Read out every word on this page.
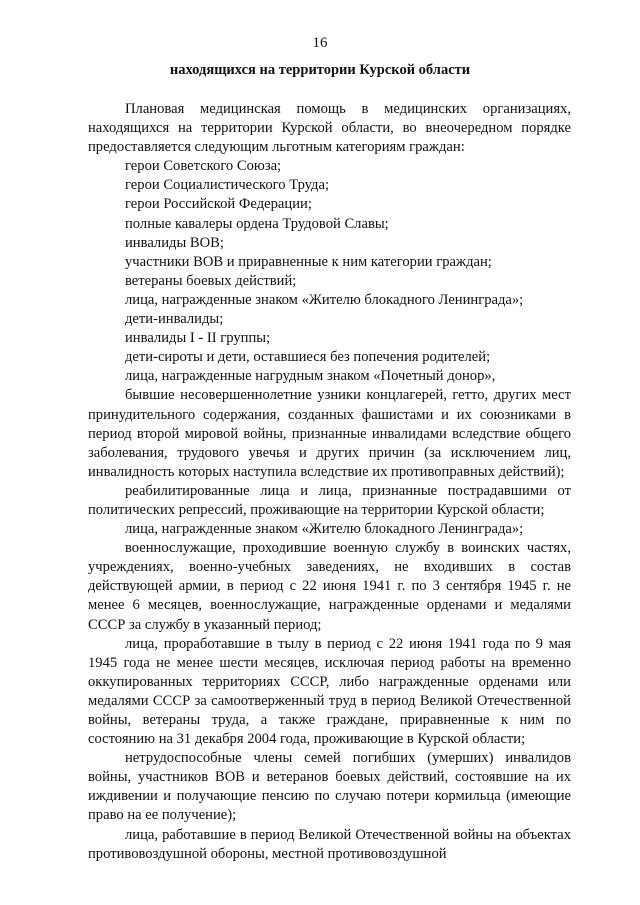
16
находящихся на территории Курской области

Плановая медицинская помощь в медицинских организациях, находящихся на территории Курской области, во внеочередном порядке предоставляется следующим льготным категориям граждан:

герои Советского Союза;

герои Социалистического Труда;

герои Российской Федерации;

полные кавалеры ордена Трудовой Славы;

инвалиды ВОВ;

участники ВОВ и приравненные к ним категории граждан;

ветераны боевых действий;

лица, награжденные знаком «Жителю блокадного Ленинграда»;

дети-инвалиды;

инвалиды I - II группы;

дети-сироты и дети, оставшиеся без попечения родителей;

лица, награжденные нагрудным знаком «Почетный донор»,

бывшие несовершеннолетние узники концлагерей, гетто, других мест принудительного содержания, созданных фашистами и их союзниками в период второй мировой войны, признанные инвалидами вследствие общего заболевания, трудового увечья и других причин (за исключением лиц, инвалидность которых наступила вследствие их противоправных действий);

реабилитированные лица и лица, признанные пострадавшими от политических репрессий, проживающие на территории Курской области;

лица, награжденные знаком «Жителю блокадного Ленинграда»;

военнослужащие, проходившие военную службу в воинских частях, учреждениях, военно-учебных заведениях, не входивших в состав действующей армии, в период с 22 июня 1941 г. по 3 сентября 1945 г. не менее 6 месяцев, военнослужащие, награжденные орденами и медалями СССР за службу в указанный период;

лица, проработавшие в тылу в период с 22 июня 1941 года по 9 мая 1945 года не менее шести месяцев, исключая период работы на временно оккупированных территориях СССР, либо награжденные орденами или медалями СССР за самоотверженный труд в период Великой Отечественной войны, ветераны труда, а также граждане, приравненные к ним по состоянию на 31 декабря 2004 года, проживающие в Курской области;

нетрудоспособные члены семей погибших (умерших) инвалидов войны, участников ВОВ и ветеранов боевых действий, состоявшие на их иждивении и получающие пенсию по случаю потери кормильца (имеющие право на ее получение);

лица, работавшие в период Великой Отечественной войны на объектах противовоздушной обороны, местной противовоздушной
